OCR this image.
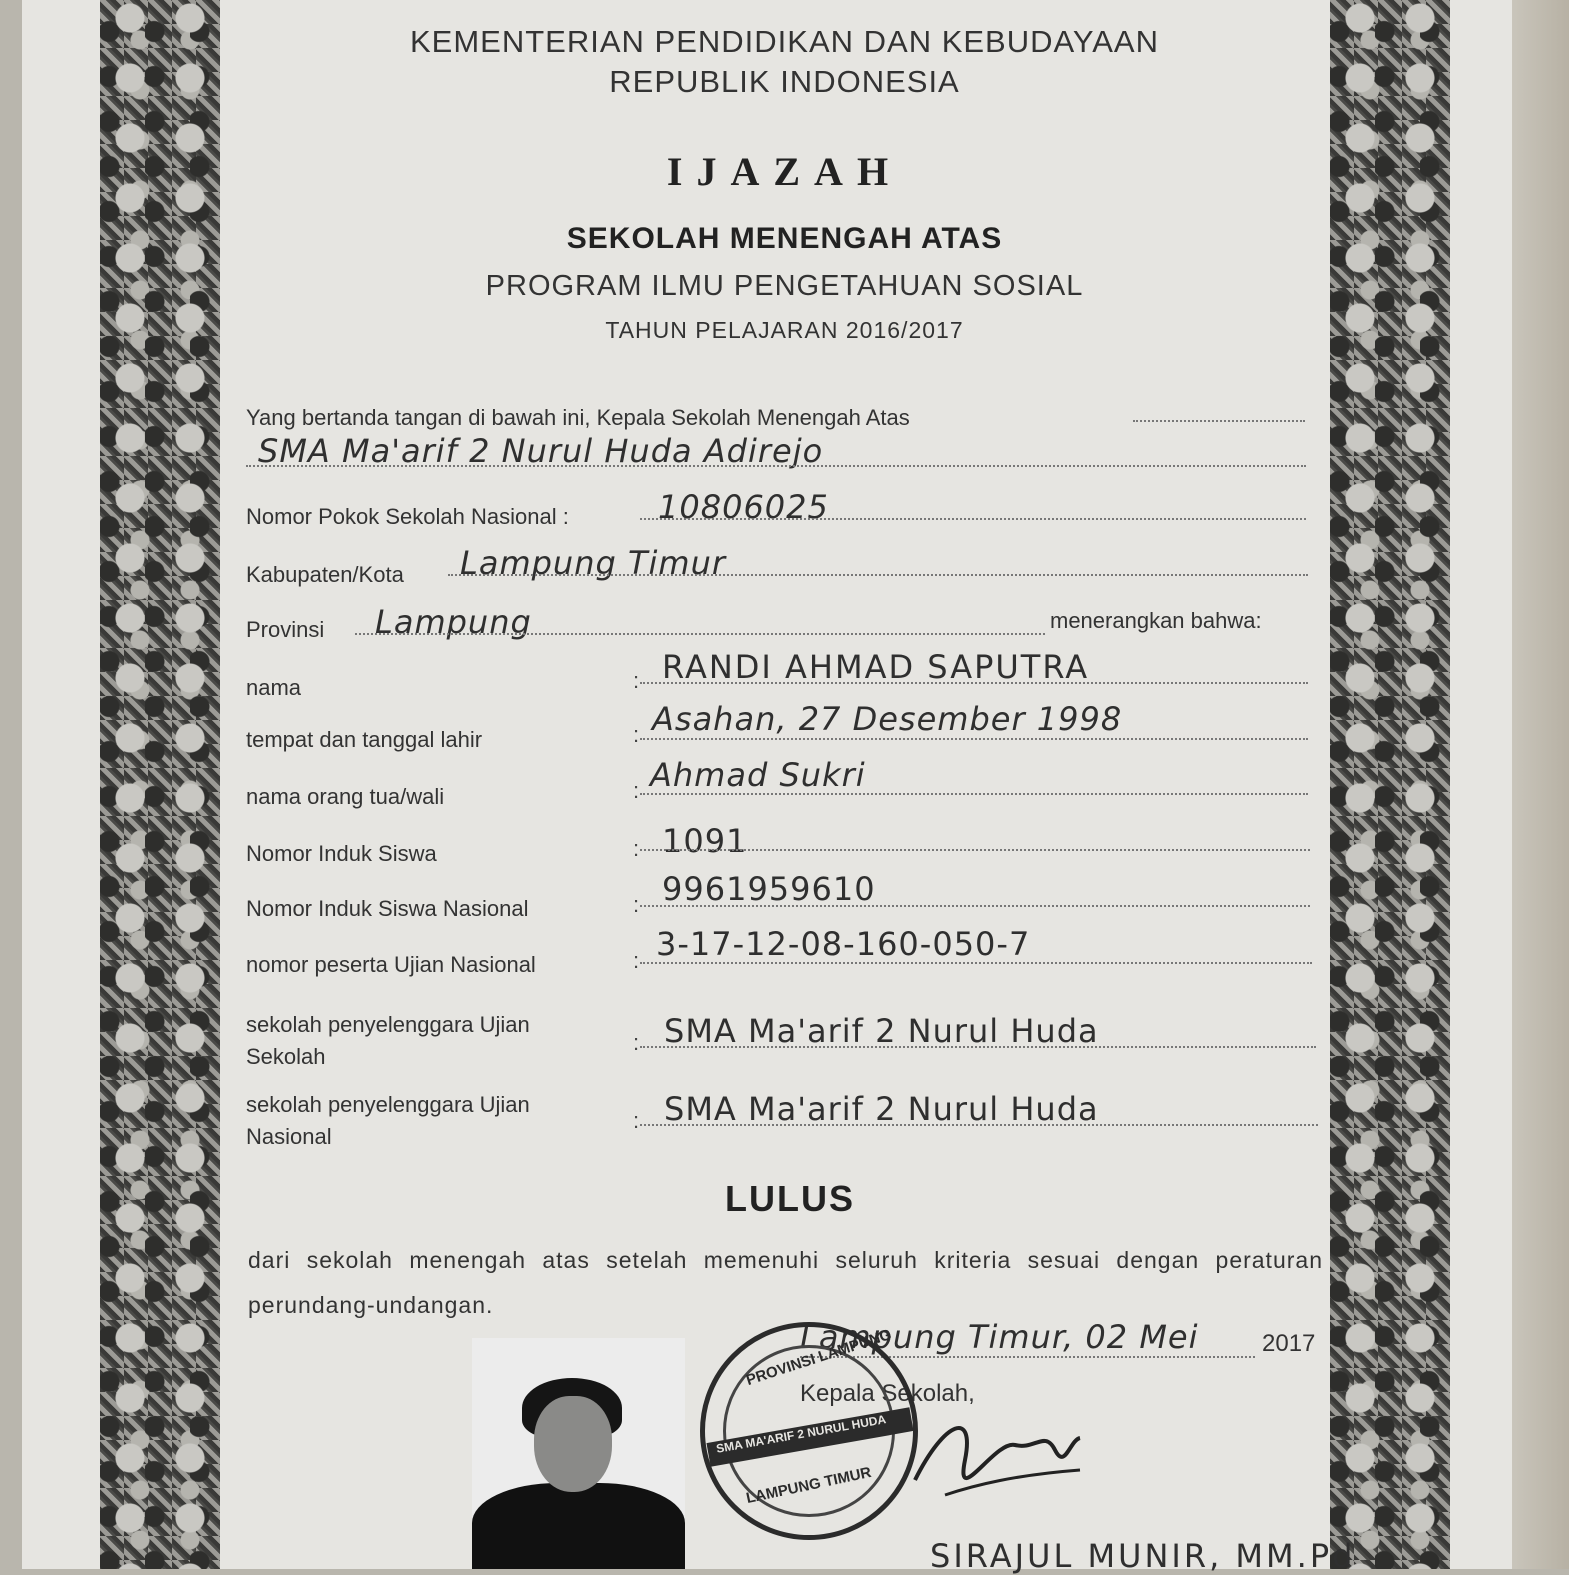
KEMENTERIAN PENDIDIKAN DAN KEBUDAYAAN
REPUBLIK INDONESIA
IJAZAH
SEKOLAH MENENGAH ATAS
PROGRAM ILMU PENGETAHUAN SOSIAL
TAHUN PELAJARAN 2016/2017
Yang bertanda tangan di bawah ini, Kepala Sekolah Menengah Atas
SMA Ma'arif 2 Nurul Huda Adirejo
Nomor Pokok Sekolah Nasional :	10806025
Kabupaten/Kota Lampung Timur
Provinsi Lampung	menerangkan bahwa:
nama	: RANDI AHMAD SAPUTRA
tempat dan tanggal lahir	: Asahan, 27 Desember 1998
nama orang tua/wali	: Ahmad Sukri
Nomor Induk Siswa	: 1091
Nomor Induk Siswa Nasional	: 9961959610
nomor peserta Ujian Nasional	: 3-17-12-08-160-050-7
sekolah penyelenggara Ujian
Sekolah
: SMA Ma'arif 2 Nurul Huda
sekolah penyelenggara Ujian
Nasional
: SMA Ma'arif 2 Nurul Huda
LULUS
dari sekolah menengah atas setelah memenuhi seluruh kriteria sesuai dengan peraturan perundang-undangan.
Lampung Timur, 02 Mei	2017
Kepala Sekolah,
SIRAJUL MUNIR, MM.Pd
PROVINSI LAMPUNG
SMA MA'ARIF 2 NURUL HUDA
LAMPUNG TIMUR
